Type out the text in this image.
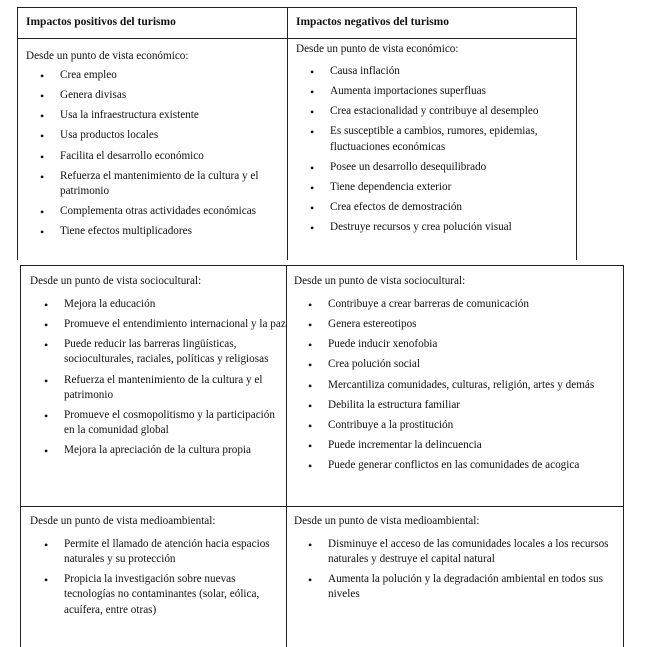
Impactos positivos del turismo	Impactos negativos del turismo
Desde un punto de vista económico:
• Crea empleo
• Genera divisas
• Usa la infraestructura existente
• Usa productos locales
• Facilita el desarrollo económico
• Refuerza el mantenimiento de la cultura y el patrimonio
• Complementa otras actividades económicas
• Tiene efectos multiplicadores
Desde un punto de vista económico:
• Causa inflación
• Aumenta importaciones superfluas
• Crea estacionalidad y contribuye al desempleo
• Es susceptible a cambios, rumores, epidemias, fluctuaciones económicas
• Posee un desarrollo desequilibrado
• Tiene dependencia exterior
• Crea efectos de demostración
• Destruye recursos y crea polución visual
Desde un punto de vista sociocultural:
• Mejora la educación
• Promueve el entendimiento internacional y la paz
• Puede reducir las barreras lingüísticas, socioculturales, raciales, políticas y religiosas
• Refuerza el mantenimiento de la cultura y el patrimonio
• Promueve el cosmopolitismo y la participación en la comunidad global
• Mejora la apreciación de la cultura propia
Desde un punto de vista sociocultural:
• Contribuye a crear barreras de comunicación
• Genera estereotipos
• Puede inducir xenofobia
• Crea polución social
• Mercantiliza comunidades, culturas, religión, artes y demás
• Debilita la estructura familiar
• Contribuye a la prostitución
• Puede incrementar la delincuencia
• Puede generar conflictos en las comunidades de acogica
Desde un punto de vista medioambiental:
• Permite el llamado de atención hacia espacios naturales y su protección
• Propicia la investigación sobre nuevas tecnologías no contaminantes (solar, eólica, acuífera, entre otras)
Desde un punto de vista medioambiental:
• Disminuye el acceso de las comunidades locales a los recursos naturales y destruye el capital natural
• Aumenta la polución y la degradación ambiental en todos sus niveles
